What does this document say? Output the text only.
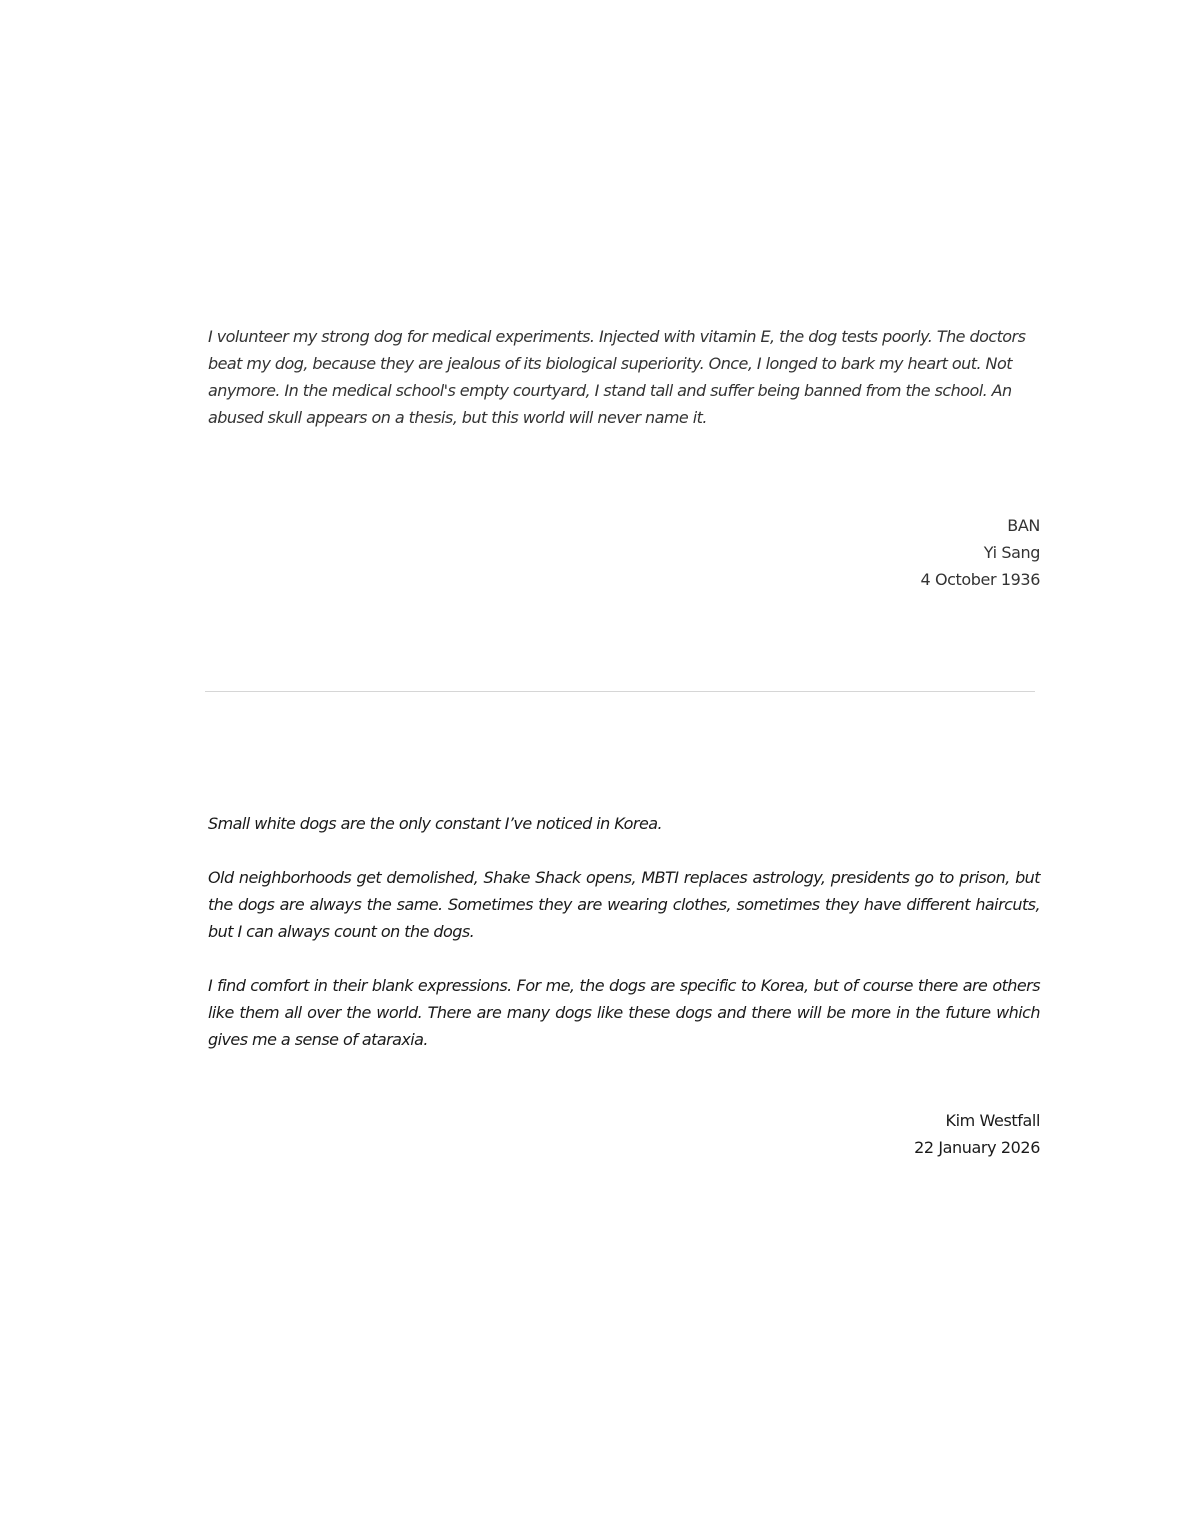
I volunteer my strong dog for medical experiments. Injected with vitamin E, the dog tests poorly. The doctors beat my dog, because they are jealous of its biological superiority. Once, I longed to bark my heart out. Not anymore. In the medical school's empty courtyard, I stand tall and suffer being banned from the school. An abused skull appears on a thesis, but this world will never name it.
BAN
Yi Sang
4 October 1936

Small white dogs are the only constant I’ve noticed in Korea.

Old neighborhoods get demolished, Shake Shack opens, MBTI replaces astrology, presidents go to prison, but the dogs are always the same. Sometimes they are wearing clothes, sometimes they have different haircuts, but I can always count on the dogs.

I find comfort in their blank expressions. For me, the dogs are specific to Korea, but of course there are others like them all over the world. There are many dogs like these dogs and there will be more in the future which gives me a sense of ataraxia.

Kim Westfall
22 January 2026
